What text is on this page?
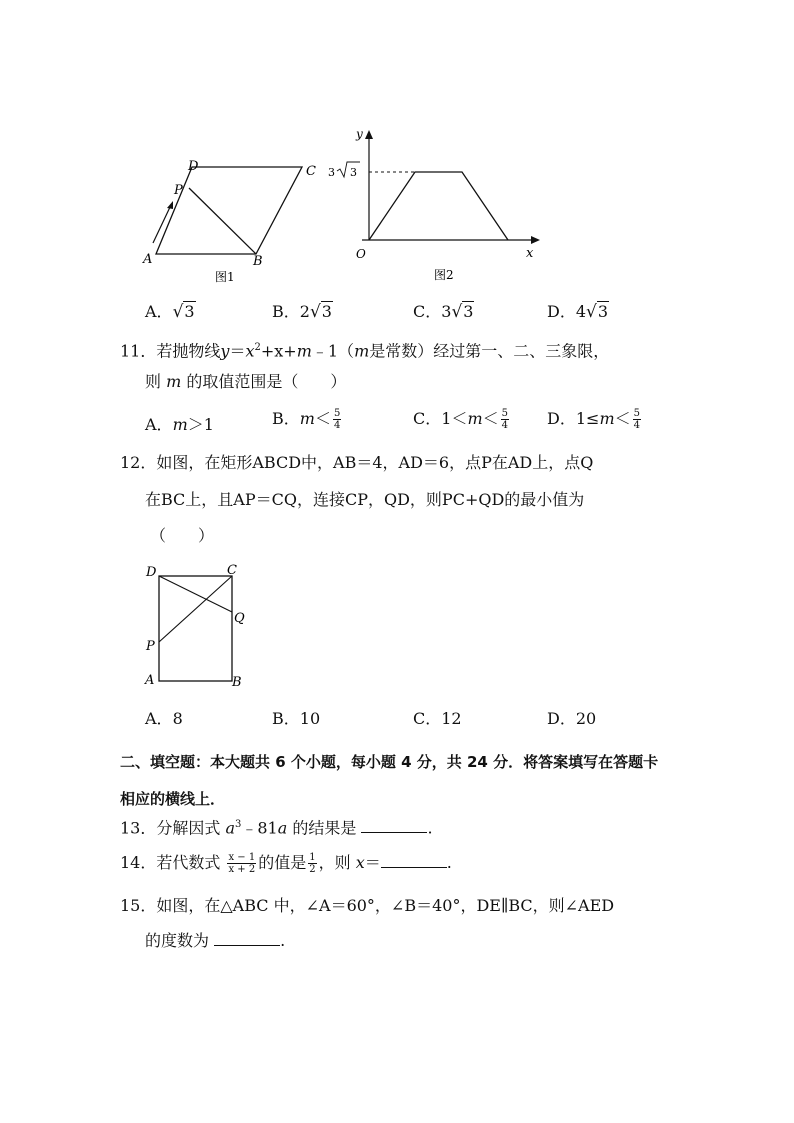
D	C
P
A	B
图1
y
x
O
3 3
图2
A．√3	B．2√3	C．3√3	D．4√3
11．若抛物线$y=x^2+x+m﹣1(m$是常数）经过第一、二、三象限，
则 m 的取值范围是（　　）
A．m＞1	B．$m< \frac{5}{4}$	C．$1<m< \frac{5}{4}$ D．$1\le m< \frac{5}{4}$
12．如图，在矩形ABCD中，AB＝4，AD＝6，点P在AD上，点Q
在BC上，且AP＝CQ，连接CP，QD，则PC+QD的最小值为
（　　）
D	C
Q
P
A	B
A．8	B．10	C．12	D．20
二、填空题：本大题共 6 个小题，每小题 4 分，共 24 分．将答案填写在答题卡
相应的横线上．
13．分解因式 $a^3﹣81a$ 的结果是	.
14．若代数式 $\frac{x - 1}{x + 2}$ 的值是 $\frac{1}{2}$ ，则 x＝	.
15．如图，在△ABC 中，∠A＝60°，∠B＝40°，DE∥BC，则∠AED
的度数为	.
